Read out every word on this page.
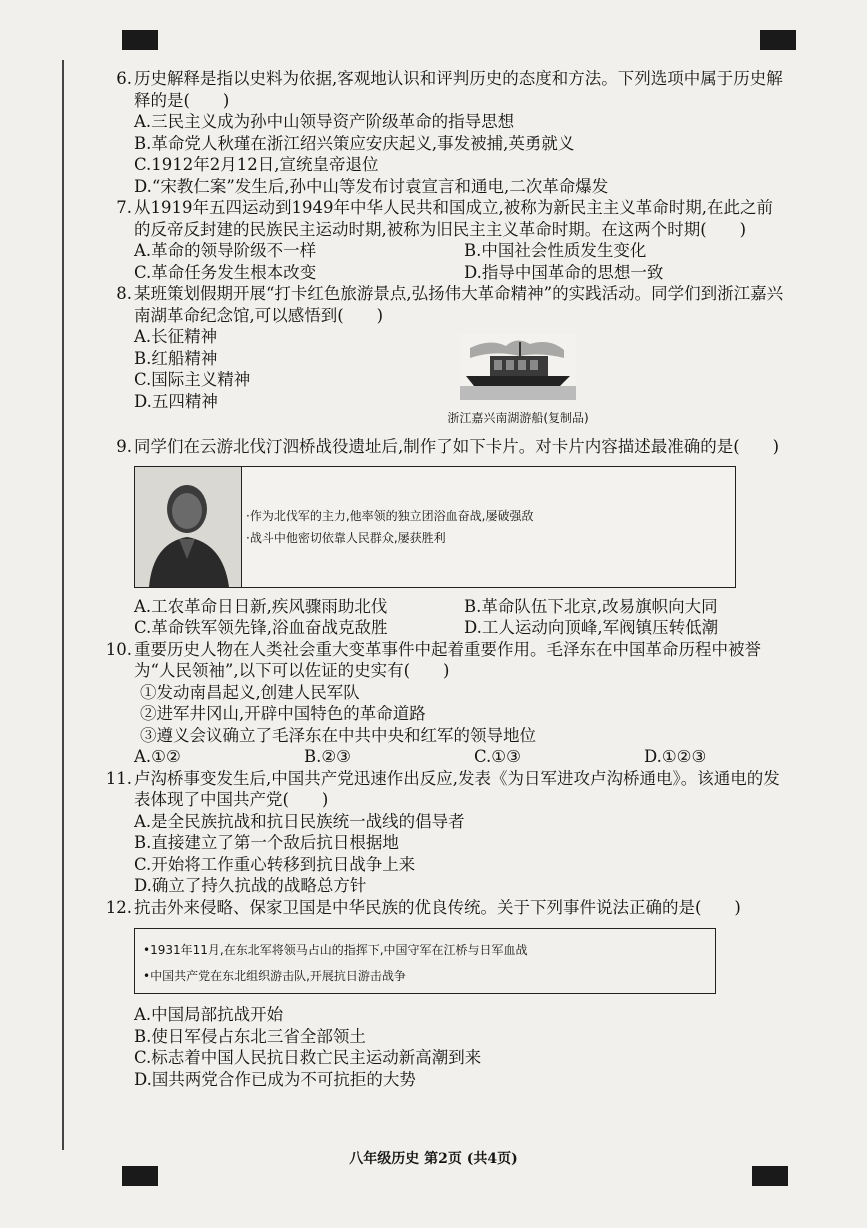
6. 历史解释是指以史料为依据,客观地认识和评判历史的态度和方法。下列选项中属于历史解释的是(　　)
A.三民主义成为孙中山领导资产阶级革命的指导思想
B.革命党人秋瑾在浙江绍兴策应安庆起义,事发被捕,英勇就义
C.1912年2月12日,宣统皇帝退位
D.“宋教仁案”发生后,孙中山等发布讨袁宣言和通电,二次革命爆发
7. 从1919年五四运动到1949年中华人民共和国成立,被称为新民主主义革命时期,在此之前的反帝反封建的民族民主运动时期,被称为旧民主主义革命时期。在这两个时期(　　)
A.革命的领导阶级不一样	B.中国社会性质发生变化
C.革命任务发生根本改变	D.指导中国革命的思想一致
8. 某班策划假期开展“打卡红色旅游景点,弘扬伟大革命精神”的实践活动。同学们到浙江嘉兴南湖革命纪念馆,可以感悟到(　　)
A.长征精神
B.红船精神
C.国际主义精神
D.五四精神
浙江嘉兴南湖游船(复制品)
9. 同学们在云游北伐汀泗桥战役遗址后,制作了如下卡片。对卡片内容描述最准确的是(　　)
·作为北伐军的主力,他率领的独立团浴血奋战,屡破强敌
·战斗中他密切依靠人民群众,屡获胜利
A.工农革命日日新,疾风骤雨助北伐	B.革命队伍下北京,改易旗帜向大同
C.革命铁军领先锋,浴血奋战克敌胜	D.工人运动向顶峰,军阀镇压转低潮
10. 重要历史人物在人类社会重大变革事件中起着重要作用。毛泽东在中国革命历程中被誉为“人民领袖”,以下可以佐证的史实有(　　)
①发动南昌起义,创建人民军队
②进军井冈山,开辟中国特色的革命道路
③遵义会议确立了毛泽东在中共中央和红军的领导地位
A.①②	B.②③	C.①③	D.①②③
11. 卢沟桥事变发生后,中国共产党迅速作出反应,发表《为日军进攻卢沟桥通电》。该通电的发表体现了中国共产党(　　)
A.是全民族抗战和抗日民族统一战线的倡导者
B.直接建立了第一个敌后抗日根据地
C.开始将工作重心转移到抗日战争上来
D.确立了持久抗战的战略总方针
12. 抗击外来侵略、保家卫国是中华民族的优良传统。关于下列事件说法正确的是(　　)
•1931年11月,在东北军将领马占山的指挥下,中国守军在江桥与日军血战
•中国共产党在东北组织游击队,开展抗日游击战争
A.中国局部抗战开始
B.使日军侵占东北三省全部领土
C.标志着中国人民抗日救亡民主运动新高潮到来
D.国共两党合作已成为不可抗拒的大势
八年级历史 第2页 (共4页)
